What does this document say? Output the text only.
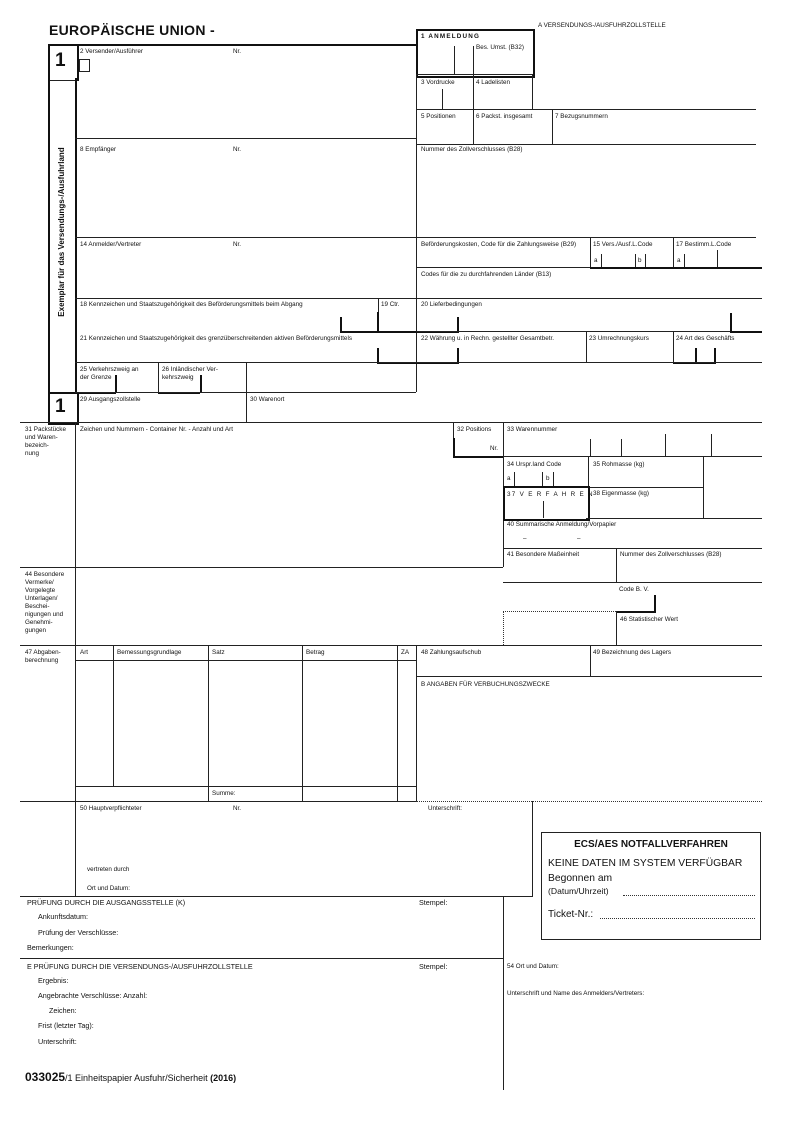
EUROPÄISCHE UNION -	A VERSENDUNGS-/AUSFUHRZOLLSTELLE
1 ANMELDUNG
Bes. Umst. (B32)
1
1
Exemplar für das Versendungs-/Ausfuhrland
2 Versender/Ausführer	Nr.
3 Vordrucke	4 Ladelisten
5 Positionen	6 Packst. insgesamt	7 Bezugsnummern
8 Empfänger	Nr.	Nummer des Zollverschlusses (B28)
14 Anmelder/Vertreter	Nr.	Beförderungskosten, Code für die Zahlungsweise (B29)	15 Vers./Ausf.L.Code	17 Bestimm.L.Code
a	b	a
Codes für die zu durchfahrenden Länder (B13)
18 Kennzeichen und Staatszugehörigkeit des Beförderungsmittels beim Abgang	19 Ctr.	20 Lieferbedingungen
21 Kennzeichen und Staatszugehörigkeit des grenzüberschreitenden aktiven Beförderungsmittels	22 Währung u. in Rechn. gestellter Gesamtbetr.	23 Umrechnungskurs	24 Art des Geschäfts
25 Verkehrszweig an
der Grenze
26 Inländischer Ver-
kehrszweig
29 Ausgangszollstelle	30 Warenort
31 Packstücke
und Waren-
bezeich-
nung
Zeichen und Nummern - Container Nr. - Anzahl und Art	32 Positions
Nr.
33 Warennummer
34 Urspr.land Code	35 Rohmasse (kg)
a	b
37 V E R F A H R E N 38 Eigenmasse (kg)
40 Summarische Anmeldung/Vorpapier
–	–
41 Besondere Maßeinheit	Nummer des Zollverschlusses (B28)
44 Besondere
Vermerke/
Vorgelegte
Unterlagen/
Beschei-
nigungen und
Genehmi-
gungen
Code B. V.
46 Statistischer Wert
47 Abgaben-
berechnung
Art	Bemessungsgrundlage	Satz	Betrag	ZA
Summe:
48 Zahlungsaufschub	49 Bezeichnung des Lagers
B ANGABEN FÜR VERBUCHUNGSZWECKE
50 Hauptverpflichteter	Nr.	Unterschrift:
vertreten durch
Ort und Datum:
ECS/AES NOTFALLVERFAHREN
KEINE DATEN IM SYSTEM VERFÜGBAR
Begonnen am
(Datum/Uhrzeit)
Ticket-Nr.:
PRÜFUNG DURCH DIE AUSGANGSSTELLE (K)	Stempel:
Ankunftsdatum:
Prüfung der Verschlüsse:
Bemerkungen:
E PRÜFUNG DURCH DIE VERSENDUNGS-/AUSFUHRZOLLSTELLE	Stempel:
Ergebnis:
Angebrachte Verschlüsse: Anzahl:
Zeichen:
Frist (letzter Tag):
Unterschrift:
54 Ort und Datum:
Unterschrift und Name des Anmelders/Vertreters:
033025/1 Einheitspapier Ausfuhr/Sicherheit (2016)
